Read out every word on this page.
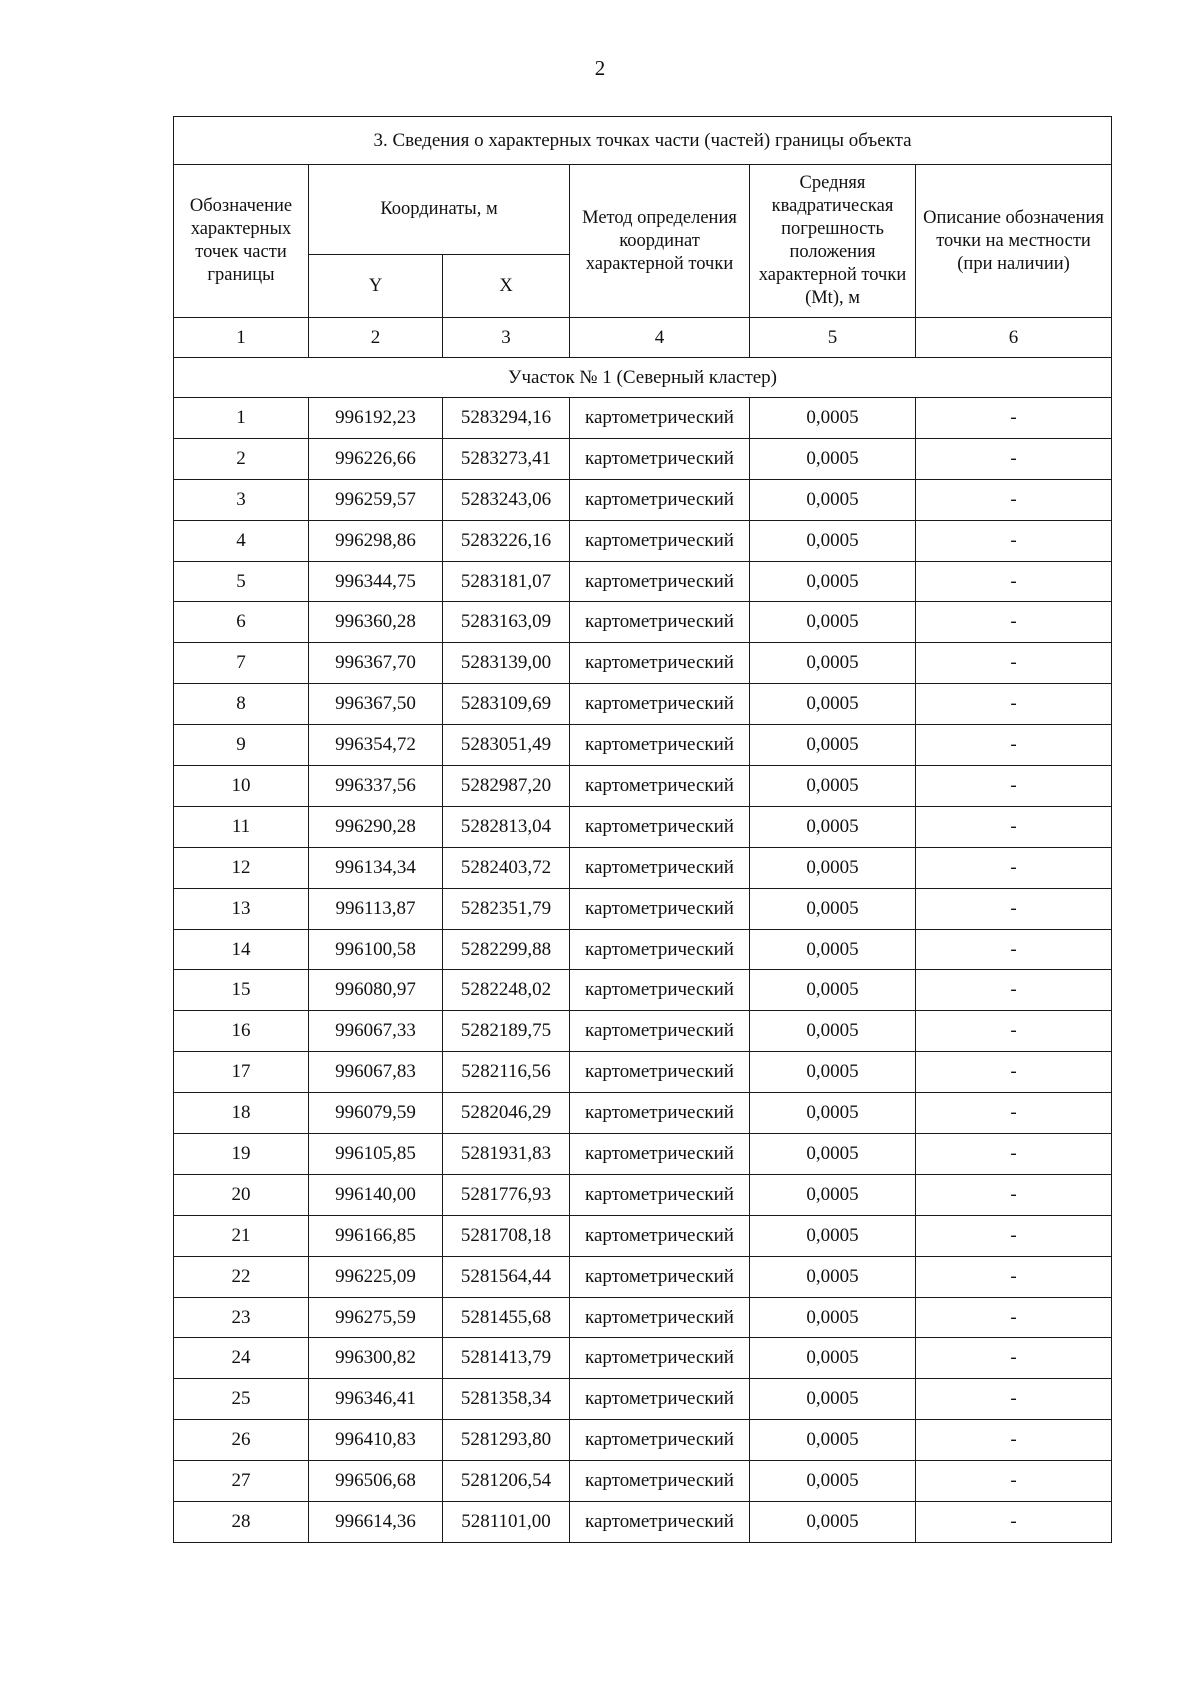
2
3. Сведения о характерных точках части (частей) границы объекта					
Обозначение характерных точек части границы	Координаты, м		Метод определения координат характерной точки	Средняя квадратическая погрешность положения характерной точки (Mt), м	Описание обозначения точки на местности (при наличии)
	Y	X			
1	2	3	4	5	6
Участок № 1 (Северный кластер)					
1	996192,23	5283294,16	картометрический	0,0005	-
2	996226,66	5283273,41	картометрический	0,0005	-
3	996259,57	5283243,06	картометрический	0,0005	-
4	996298,86	5283226,16	картометрический	0,0005	-
5	996344,75	5283181,07	картометрический	0,0005	-
6	996360,28	5283163,09	картометрический	0,0005	-
7	996367,70	5283139,00	картометрический	0,0005	-
8	996367,50	5283109,69	картометрический	0,0005	-
9	996354,72	5283051,49	картометрический	0,0005	-
10	996337,56	5282987,20	картометрический	0,0005	-
11	996290,28	5282813,04	картометрический	0,0005	-
12	996134,34	5282403,72	картометрический	0,0005	-
13	996113,87	5282351,79	картометрический	0,0005	-
14	996100,58	5282299,88	картометрический	0,0005	-
15	996080,97	5282248,02	картометрический	0,0005	-
16	996067,33	5282189,75	картометрический	0,0005	-
17	996067,83	5282116,56	картометрический	0,0005	-
18	996079,59	5282046,29	картометрический	0,0005	-
19	996105,85	5281931,83	картометрический	0,0005	-
20	996140,00	5281776,93	картометрический	0,0005	-
21	996166,85	5281708,18	картометрический	0,0005	-
22	996225,09	5281564,44	картометрический	0,0005	-
23	996275,59	5281455,68	картометрический	0,0005	-
24	996300,82	5281413,79	картометрический	0,0005	-
25	996346,41	5281358,34	картометрический	0,0005	-
26	996410,83	5281293,80	картометрический	0,0005	-
27	996506,68	5281206,54	картометрический	0,0005	-
28	996614,36	5281101,00	картометрический	0,0005	-
